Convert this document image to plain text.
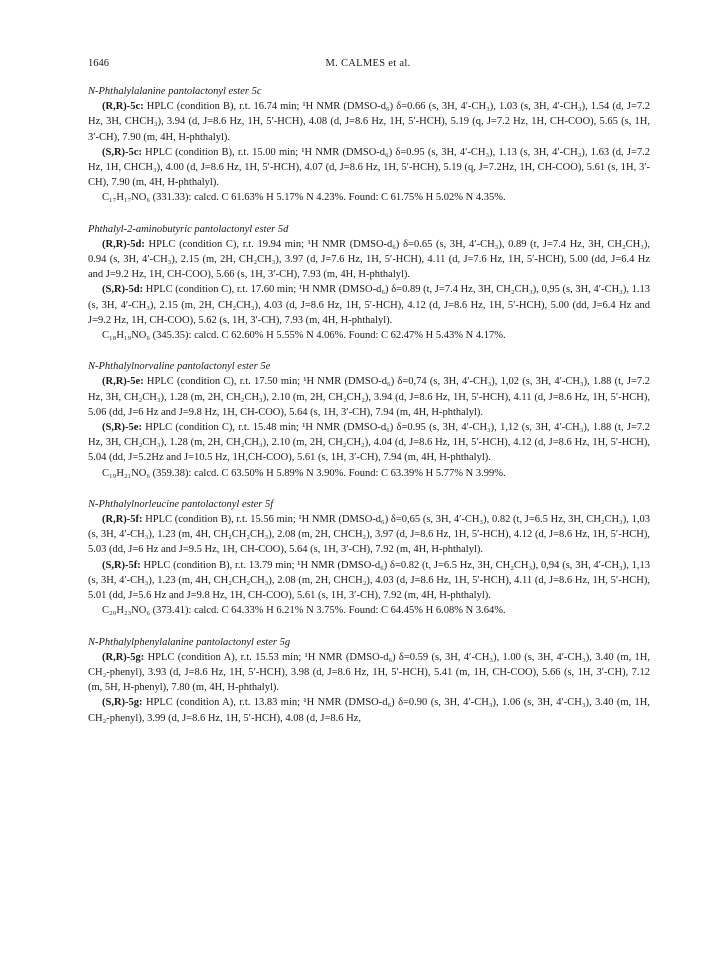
1646	M. CALMES et al.

N-Phthalylalanine pantolactonyl ester 5c

(R,R)-5c: HPLC (condition B), r.t. 16.74 min; ¹H NMR (DMSO-d₆) δ=0.66 (s, 3H, 4′-CH₃), 1.03 (s, 3H, 4′-CH₃), 1.54 (d, J=7.2 Hz, 3H, CHCH₃), 3.94 (d, J=8.6 Hz, 1H, 5′-HCH), 4.08 (d, J=8.6 Hz, 1H, 5′-HCH), 5.19 (q, J=7.2 Hz, 1H, CH-COO), 5.65 (s, 1H, 3′-CH), 7.90 (m, 4H, H-phthalyl).

(S,R)-5c: HPLC (condition B), r.t. 15.00 min; ¹H NMR (DMSO-d₆) δ=0.95 (s, 3H, 4′-CH₃), 1.13 (s, 3H, 4′-CH₃), 1.63 (d, J=7.2 Hz, 1H, CHCH₃), 4.00 (d, J=8.6 Hz, 1H, 5′-HCH), 4.07 (d, J=8.6 Hz, 1H, 5′-HCH), 5.19 (q, J=7.2Hz, 1H, CH-COO), 5.61 (s, 1H, 3′-CH), 7.90 (m, 4H, H-phthalyl).

C₁₇H₁₇NO₆ (331.33): calcd. C 61.63% H 5.17% N 4.23%. Found: C 61.75% H 5.02% N 4.35%.

Phthalyl-2-aminobutyric pantolactonyl ester 5d

(R,R)-5d: HPLC (condition C), r.t. 19.94 min; ¹H NMR (DMSO-d₆) δ=0.65 (s, 3H, 4′-CH₃), 0.89 (t, J=7.4 Hz, 3H, CH₂CH₃), 0.94 (s, 3H, 4′-CH₃), 2.15 (m, 2H, CH₂CH₃), 3.97 (d, J=7.6 Hz, 1H, 5′-HCH), 4.11 (d, J=7.6 Hz, 1H, 5′-HCH), 5.00 (dd, J=6.4 Hz and J=9.2 Hz, 1H, CH-COO), 5.66 (s, 1H, 3′-CH), 7.93 (m, 4H, H-phthalyl).

(S,R)-5d: HPLC (condition C), r.t. 17.60 min; ¹H NMR (DMSO-d₆) δ=0.89 (t, J=7.4 Hz, 3H, CH₂CH₃), 0,95 (s, 3H, 4′-CH₃), 1.13 (s, 3H, 4′-CH₃), 2.15 (m, 2H, CH₂CH₃), 4.03 (d, J=8.6 Hz, 1H, 5′-HCH), 4.12 (d, J=8.6 Hz, 1H, 5′-HCH), 5.00 (dd, J=6.4 Hz and J=9.2 Hz, 1H, CH-COO), 5.62 (s, 1H, 3′-CH), 7.93 (m, 4H, H-phthalyl).

C₁₈H₁₉NO₆ (345.35): calcd. C 62.60% H 5.55% N 4.06%. Found: C 62.47% H 5.43% N 4.17%.

N-Phthalylnorvaline pantolactonyl ester 5e

(R,R)-5e: HPLC (condition C), r.t. 17.50 min; ¹H NMR (DMSO-d₆) δ=0,74 (s, 3H, 4′-CH₃), 1,02 (s, 3H, 4′-CH₃), 1.88 (t, J=7.2 Hz, 3H, CH₂CH₃), 1.28 (m, 2H, CH₂CH₃), 2.10 (m, 2H, CH₂CH₂), 3.94 (d, J=8.6 Hz, 1H, 5′-HCH), 4.11 (d, J=8.6 Hz, 1H, 5′-HCH), 5.06 (dd, J=6 Hz and J=9.8 Hz, 1H, CH-COO), 5.64 (s, 1H, 3′-CH), 7.94 (m, 4H, H-phthalyl).

(S,R)-5e: HPLC (condition C), r.t. 15.48 min; ¹H NMR (DMSO-d₆) δ=0.95 (s, 3H, 4′-CH₃), 1,12 (s, 3H, 4′-CH₃), 1.88 (t, J=7.2 Hz, 3H, CH₂CH₃), 1.28 (m, 2H, CH₂CH₃), 2.10 (m, 2H, CH₂CH₂), 4.04 (d, J=8.6 Hz, 1H, 5′-HCH), 4.12 (d, J=8.6 Hz, 1H, 5′-HCH), 5.04 (dd, J=5.2Hz and J=10.5 Hz, 1H,CH-COO), 5.61 (s, 1H, 3′-CH), 7.94 (m, 4H, H-phthalyl).

C₁₉H₂₁NO₆ (359.38): calcd. C 63.50% H 5.89% N 3.90%. Found: C 63.39% H 5.77% N 3.99%.

N-Phthalylnorleucine pantolactonyl ester 5f

(R,R)-5f: HPLC (condition B), r.t. 15.56 min; ¹H NMR (DMSO-d₆) δ=0,65 (s, 3H, 4′-CH₃), 0.82 (t, J=6.5 Hz, 3H, CH₂CH₃), 1,03 (s, 3H, 4′-CH₃), 1.23 (m, 4H, CH₂CH₂CH₃), 2.08 (m, 2H, CHCH₂), 3.97 (d, J=8.6 Hz, 1H, 5′-HCH), 4.12 (d, J=8.6 Hz, 1H, 5′-HCH), 5.03 (dd, J=6 Hz and J=9.5 Hz, 1H, CH-COO), 5.64 (s, 1H, 3′-CH), 7.92 (m, 4H, H-phthalyl).

(S,R)-5f: HPLC (condition B), r.t. 13.79 min; ¹H NMR (DMSO-d₆) δ=0.82 (t, J=6.5 Hz, 3H, CH₂CH₃), 0,94 (s, 3H, 4′-CH₃), 1,13 (s, 3H, 4′-CH₃), 1.23 (m, 4H, CH₂CH₂CH₃), 2.08 (m, 2H, CHCH₂), 4.03 (d, J=8.6 Hz, 1H, 5′-HCH), 4.11 (d, J=8.6 Hz, 1H, 5′-HCH), 5.01 (dd, J=5.6 Hz and J=9.8 Hz, 1H, CH-COO), 5.61 (s, 1H, 3′-CH), 7.92 (m, 4H, H-phthalyl).

C₂₀H₂₃NO₆ (373.41): calcd. C 64.33% H 6.21% N 3.75%. Found: C 64.45% H 6.08% N 3.64%.

N-Phthalylphenylalanine pantolactonyl ester 5g

(R,R)-5g: HPLC (condition A), r.t. 15.53 min; ¹H NMR (DMSO-d₆) δ=0.59 (s, 3H, 4′-CH₃), 1.00 (s, 3H, 4′-CH₃), 3.40 (m, 1H, CH₂-phenyl), 3.93 (d, J=8.6 Hz, 1H, 5′-HCH), 3.98 (d, J=8.6 Hz, 1H, 5′-HCH), 5.41 (m, 1H, CH-COO), 5.66 (s, 1H, 3′-CH), 7.12 (m, 5H, H-phenyl), 7.80 (m, 4H, H-phthalyl).

(S,R)-5g: HPLC (condition A), r.t. 13.83 min; ¹H NMR (DMSO-d₆) δ=0.90 (s, 3H, 4′-CH₃), 1.06 (s, 3H, 4′-CH₃), 3.40 (m, 1H, CH₂-phenyl), 3.99 (d, J=8.6 Hz, 1H, 5′-HCH), 4.08 (d, J=8.6 Hz,
